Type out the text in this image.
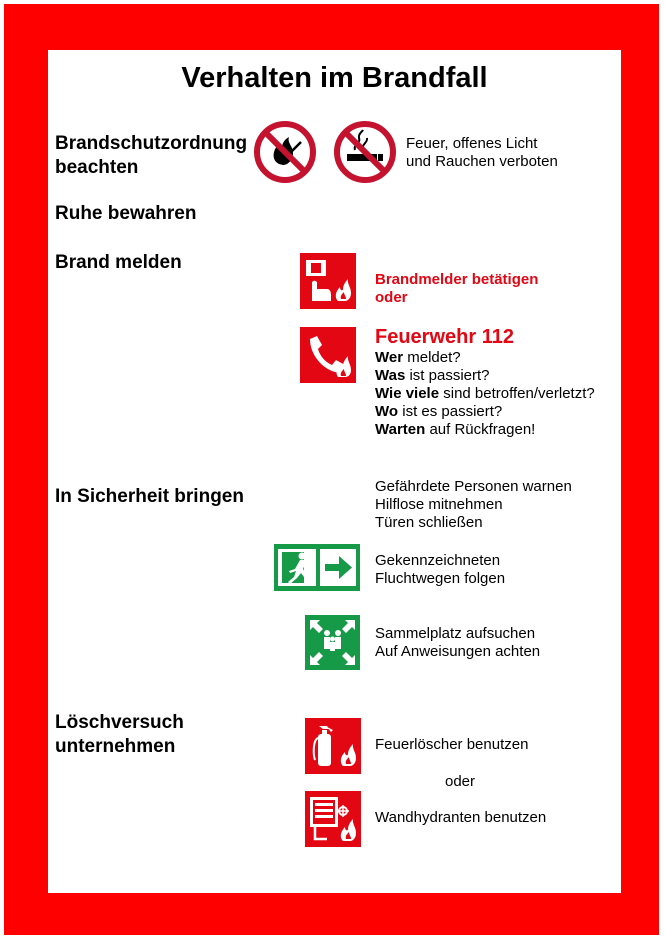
Verhalten im Brandfall
Brandschutzordnung
beachten
Feuer, offenes Licht
und Rauchen verboten
Ruhe bewahren
Brand melden
Brandmelder betätigen
oder
Feuerwehr 112
Wer meldet?
Was ist passiert?
Wie viele sind betroffen/verletzt?
Wo ist es passiert?
Warten auf Rückfragen!
In Sicherheit bringen	Gefährdete Personen warnen
Hilflose mitnehmen
Türen schließen
Gekennzeichneten
Fluchtwegen folgen
Sammelplatz aufsuchen
Auf Anweisungen achten
Löschversuch
unternehmen	Feuerlöscher benutzen
oder
Wandhydranten benutzen
